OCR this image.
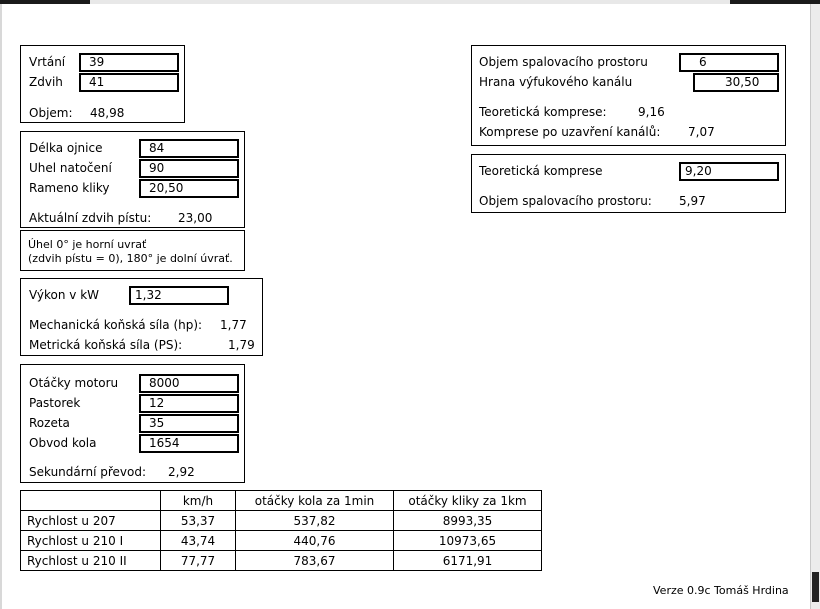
Vrtání	39
Zdvih	41
Objem: 48,98
Délka ojnice	84
Uhel natočení	90
Rameno kliky	20,50
Aktuální zdvih pístu: 23,00
Úhel 0° je horní uvrať
(zdvih pístu = 0), 180° je dolní úvrať.
Výkon v kW	1,32
Mechanická koňská síla (hp): 1,77
Metrická koňská síla (PS):	1,79
Otáčky motoru	8000
Pastorek	12
Rozeta	35
Obvod kola	1654
Sekundární převod: 2,92
	km/h	otáčky kola za 1min	otáčky kliky za 1km
Rychlost u 207	53,37	537,82	8993,35
Rychlost u 210 I	43,74	440,76	10973,65
Rychlost u 210 II	77,77	783,67	6171,91
Objem spalovacího prostoru	6
Hrana výfukového kanálu	30,50
Teoretická komprese:	9,16
Komprese po uzavření kanálů: 7,07
Teoretická komprese	9,20
Objem spalovacího prostoru: 5,97
Verze 0.9c Tomáš Hrdina
